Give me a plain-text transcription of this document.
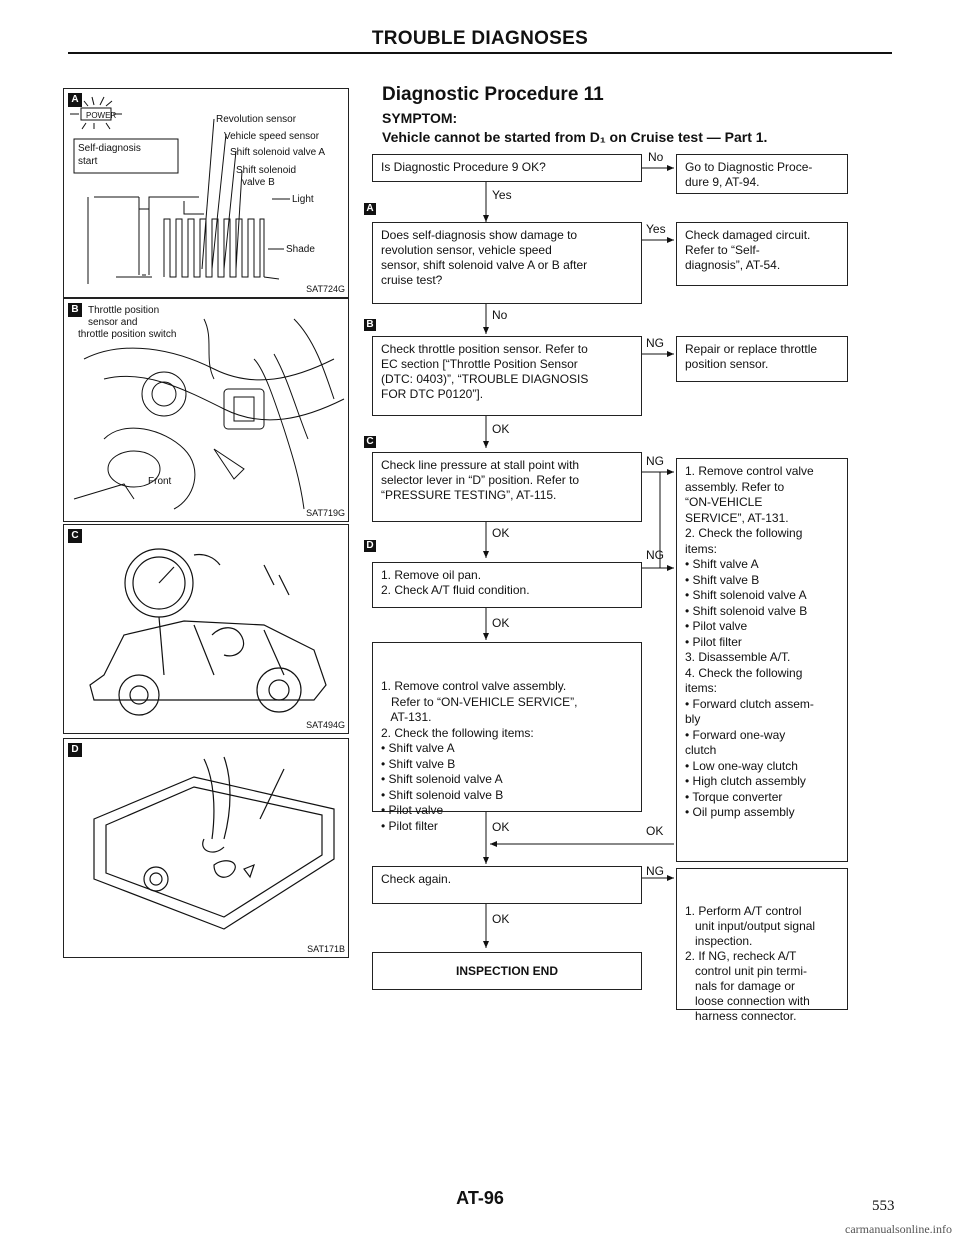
TROUBLE DIAGNOSES
A
POWER
Self-diagnosis
start
Revolution sensor
Vehicle speed sensor
Shift solenoid valve A
Shift solenoid
valve B
Light
Shade
SAT724G
B Throttle position
sensor and
throttle position switch
Front
SAT719G
C
SAT494G
D
SAT171B
Diagnostic Procedure 11
SYMPTOM:
Vehicle cannot be started from D₁ on Cruise test — Part 1.
Is Diagnostic Procedure 9 OK?
No
Go to Diagnostic Proce-
dure 9, AT-94.
Yes
A
Does self-diagnosis show damage to
revolution sensor, vehicle speed
sensor, shift solenoid valve A or B after
cruise test?
Yes Check damaged circuit.
Refer to “Self-
diagnosis”, AT-54.
No
B
Check throttle position sensor. Refer to
EC section [“Throttle Position Sensor
(DTC: 0403)”, “TROUBLE DIAGNOSIS
FOR DTC P0120”].
NG Repair or replace throttle
position sensor.
OK
C
Check line pressure at stall point with
selector lever in “D” position. Refer to
“PRESSURE TESTING”, AT-115.
NG
OK
D
1. Remove oil pan.
2. Check A/T fluid condition.
NG
OK
1. Remove control valve
assembly. Refer to
“ON-VEHICLE
SERVICE”, AT-131.
2. Check the following
items:
• Shift valve A
• Shift valve B
• Shift solenoid valve A
• Shift solenoid valve B
• Pilot valve
• Pilot filter
3. Disassemble A/T.
4. Check the following
items:
• Forward clutch assem-
bly
• Forward one-way
clutch
• Low one-way clutch
• High clutch assembly
• Torque converter
• Oil pump assembly

1. Remove control valve assembly.
Refer to “ON-VEHICLE SERVICE”,
AT-131.
2. Check the following items:
• Shift valve A
• Shift valve B
• Shift solenoid valve A
• Shift solenoid valve B
• Pilot valve
• Pilot filter	OK	OK
Check again.
NG
OK

1. Perform A/T control
unit input/output signal
inspection.
2. If NG, recheck A/T
control unit pin termi-
nals for damage or
loose connection with
harness connector.

INSPECTION END
AT-96	553
carmanualsonline.info
